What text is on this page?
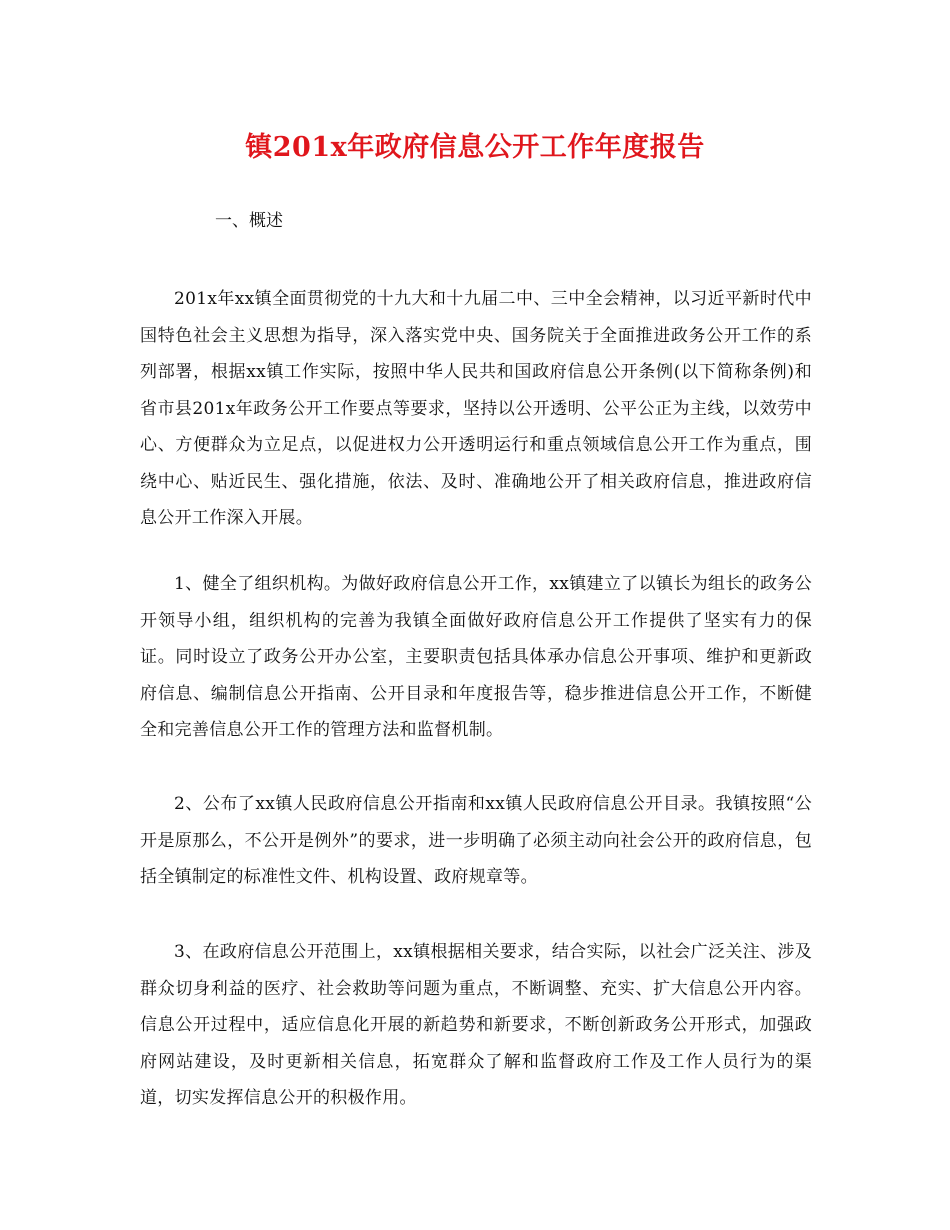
镇201x年政府信息公开工作年度报告

一、概述

201x年xx镇全面贯彻党的十九大和十九届二中、三中全会精神，以习近平新时代中国特色社会主义思想为指导，深入落实党中央、国务院关于全面推进政务公开工作的系列部署，根据xx镇工作实际，按照中华人民共和国政府信息公开条例(以下简称条例)和省市县201x年政务公开工作要点等要求，坚持以公开透明、公平公正为主线，以效劳中心、方便群众为立足点，以促进权力公开透明运行和重点领域信息公开工作为重点，围绕中心、贴近民生、强化措施，依法、及时、准确地公开了相关政府信息，推进政府信息公开工作深入开展。

1、健全了组织机构。为做好政府信息公开工作，xx镇建立了以镇长为组长的政务公开领导小组，组织机构的完善为我镇全面做好政府信息公开工作提供了坚实有力的保证。同时设立了政务公开办公室，主要职责包括具体承办信息公开事项、维护和更新政府信息、编制信息公开指南、公开目录和年度报告等，稳步推进信息公开工作，不断健全和完善信息公开工作的管理方法和监督机制。

2、公布了xx镇人民政府信息公开指南和xx镇人民政府信息公开目录。我镇按照“公开是原那么，不公开是例外”的要求，进一步明确了必须主动向社会公开的政府信息，包括全镇制定的标准性文件、机构设置、政府规章等。

3、在政府信息公开范围上，xx镇根据相关要求，结合实际，以社会广泛关注、涉及群众切身利益的医疗、社会救助等问题为重点，不断调整、充实、扩大信息公开内容。信息公开过程中，适应信息化开展的新趋势和新要求，不断创新政务公开形式，加强政府网站建设，及时更新相关信息，拓宽群众了解和监督政府工作及工作人员行为的渠道，切实发挥信息公开的积极作用。
